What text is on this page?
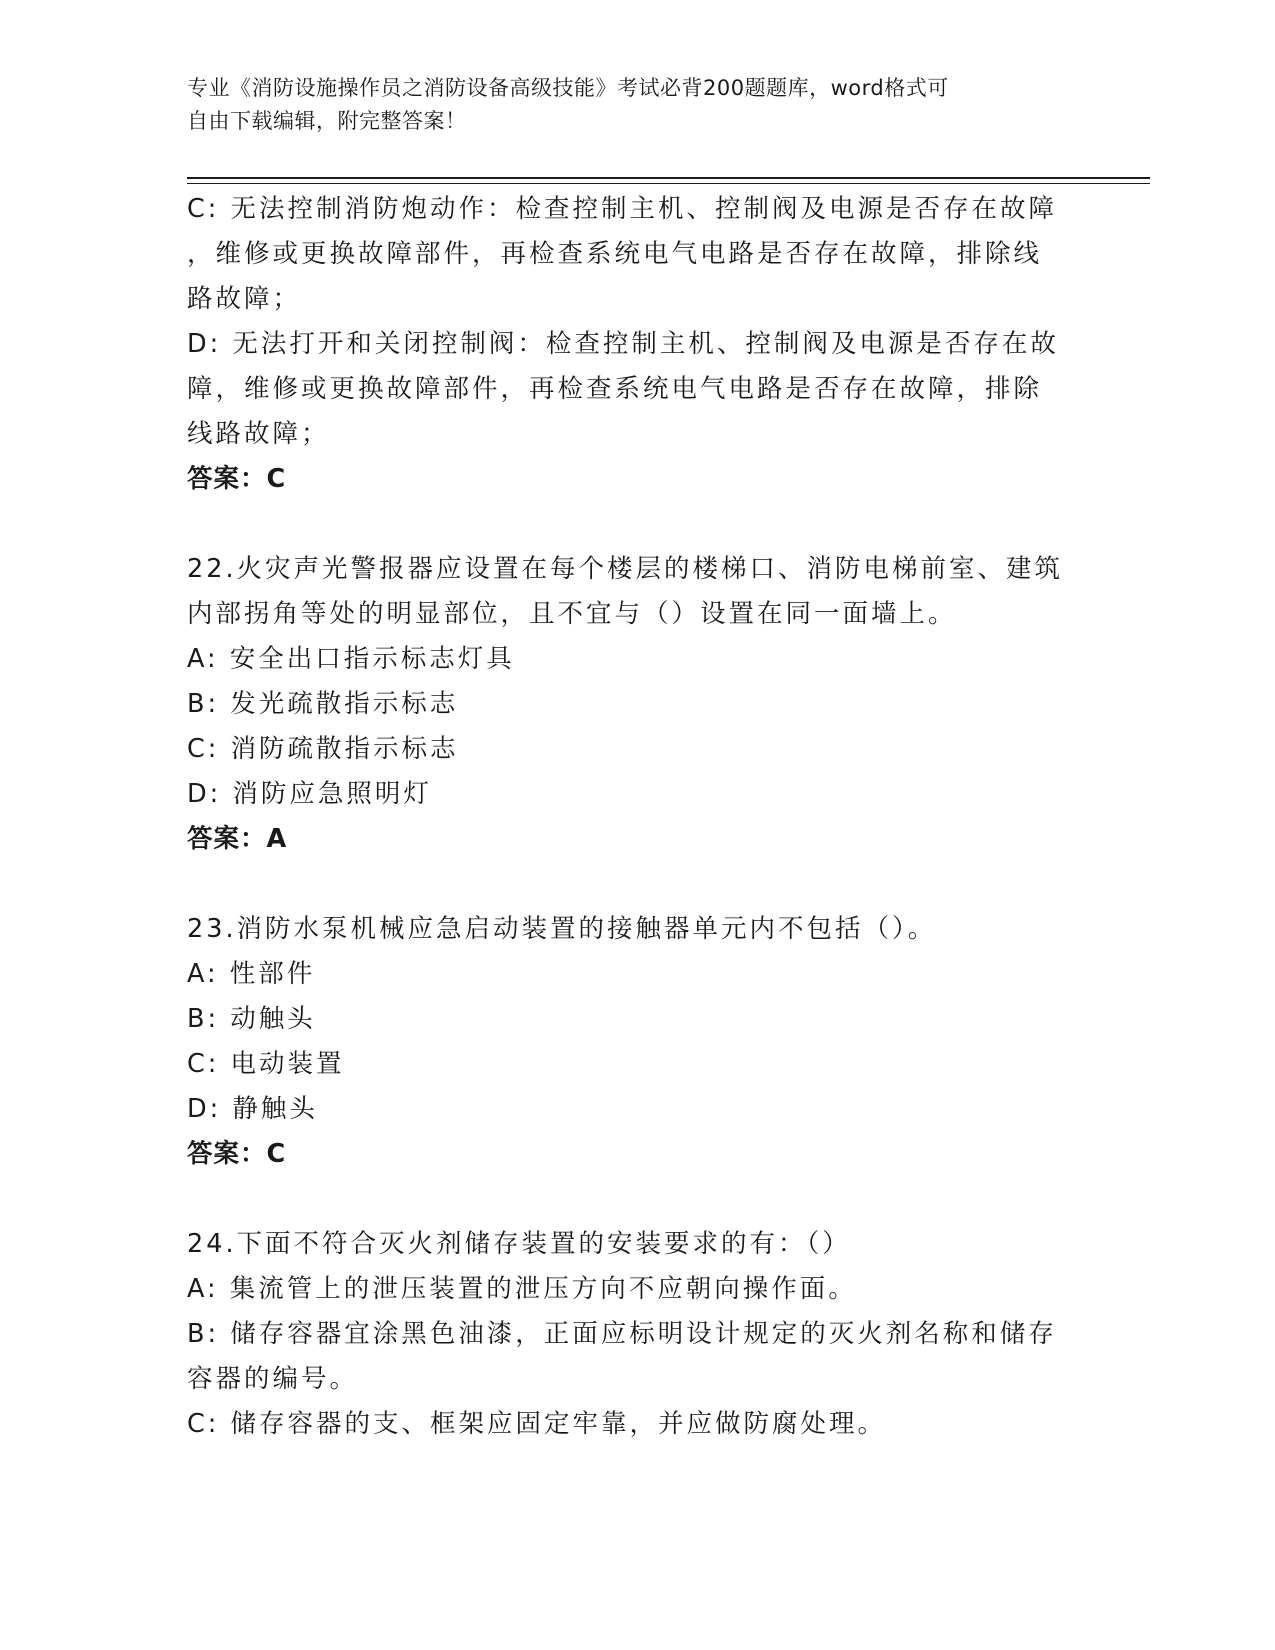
专业《消防设施操作员之消防设备高级技能》考试必背200题题库，word格式可
自由下载编辑，附完整答案！
C: 无法控制消防炮动作：检查控制主机、控制阀及电源是否存在故障
，维修或更换故障部件，再检查系统电气电路是否存在故障，排除线
路故障；
D: 无法打开和关闭控制阀：检查控制主机、控制阀及电源是否存在故
障，维修或更换故障部件，再检查系统电气电路是否存在故障，排除
线路故障；
答案：C
22.火灾声光警报器应设置在每个楼层的楼梯口、消防电梯前室、建筑
内部拐角等处的明显部位，且不宜与（）设置在同一面墙上。
A: 安全出口指示标志灯具
B: 发光疏散指示标志
C: 消防疏散指示标志
D: 消防应急照明灯
答案：A
23.消防水泵机械应急启动装置的接触器单元内不包括（）。
A: 性部件
B: 动触头
C: 电动装置
D: 静触头
答案：C
24.下面不符合灭火剂储存装置的安装要求的有：（）
A: 集流管上的泄压装置的泄压方向不应朝向操作面。
B: 储存容器宜涂黑色油漆，正面应标明设计规定的灭火剂名称和储存
容器的编号。
C: 储存容器的支、框架应固定牢靠，并应做防腐处理。
